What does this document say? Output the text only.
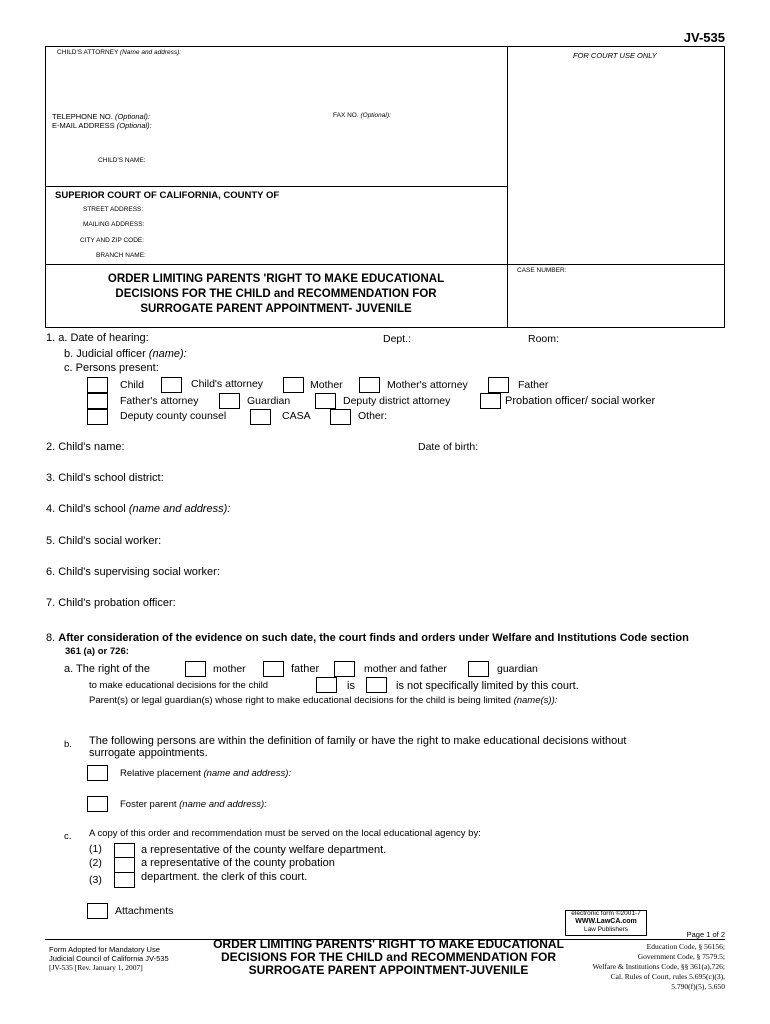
JV-535
CHILD'S ATTORNEY (Name and address):	FOR COURT USE ONLY
TELEPHONE NO. (Optional):	FAX NO. (Optional):
E-MAIL ADDRESS (Optional):
CHILD'S NAME:
SUPERIOR COURT OF CALIFORNIA, COUNTY OF
STREET ADDRESS:
MAILING ADDRESS:
CITY AND ZIP CODE:
BRANCH NAME:
CASE NUMBER:
ORDER LIMITING PARENTS 'RIGHT TO MAKE EDUCATIONAL
DECISIONS FOR THE CHILD and RECOMMENDATION FOR
SURROGATE PARENT APPOINTMENT- JUVENILE
1. a. Date of hearing:	Dept.:	Room:
b. Judicial officer (name):
c. Persons present:
Child	Child's attorney	Mother	Mother's attorney	Father
Father's attorney	Guardian	Deputy district attorney	Probation officer/ social worker
Deputy county counsel	CASA	Other:
2. Child's name:	Date of birth:
3. Child's school district:
4. Child's school (name and address):
5. Child's social worker:
6. Child's supervising social worker:
7. Child's probation officer:
8. After consideration of the evidence on such date, the court finds and orders under Welfare and Institutions Code section
361 (a) or 726:
a. The right of the	mother	father	mother and father	guardian
to make educational decisions for the child	is	is not specifically limited by this court.
Parent(s) or legal guardian(s) whose right to make educational decisions for the child is being limited (name(s)):
b. The following persons are within the definition of family or have the right to make educational decisions without
surrogate appointments.
Relative placement (name and address):
Foster parent (name and address):
c. A copy of this order and recommendation must be served on the local educational agency by:
(1)	a representative of the county welfare department.
(2)	a representative of the county probation
(3)	department. the clerk of this court.
Attachments	electronic form ©2001-7
WWW.LawCA.com
Law Publishers
Page 1 of 2
Form Adopted for Mandatory Use
Judicial Council of California JV-535
[JV-535 [Rev. January 1, 2007]
ORDER LIMITING PARENTS' RIGHT TO MAKE EDUCATIONAL
DECISIONS FOR THE CHILD and RECOMMENDATION FOR
SURROGATE PARENT APPOINTMENT-JUVENILE
Education Code, § 56156;
Government Code, § 7579.5;
Welfare & Institutions Code, §§ 361(a),726;
Cal. Rules of Court, rules 5.695(c)(3),
5.790(f)(5), 5.650
